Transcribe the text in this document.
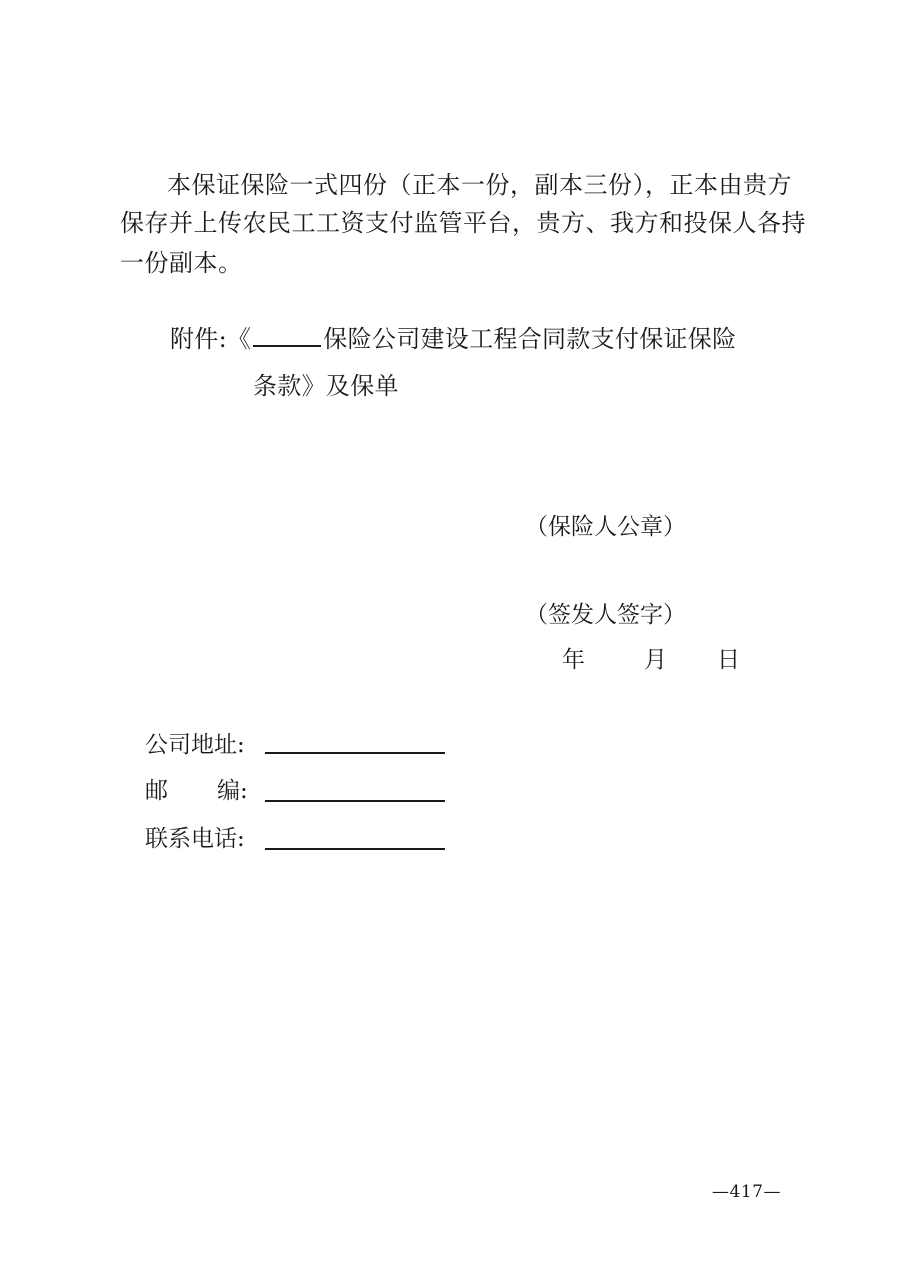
本保证保险一式四份（正本一份，副本三份），正本由贵方
保存并上传农民工工资支付监管平台，贵方、我方和投保人各持
一份副本。
附件:《	保险公司建设工程合同款支付保证保险
条款》及保单
（保险人公章）
（签发人签字）
年	月 日
公司地址:
邮 编:
联系电话:
—417—
